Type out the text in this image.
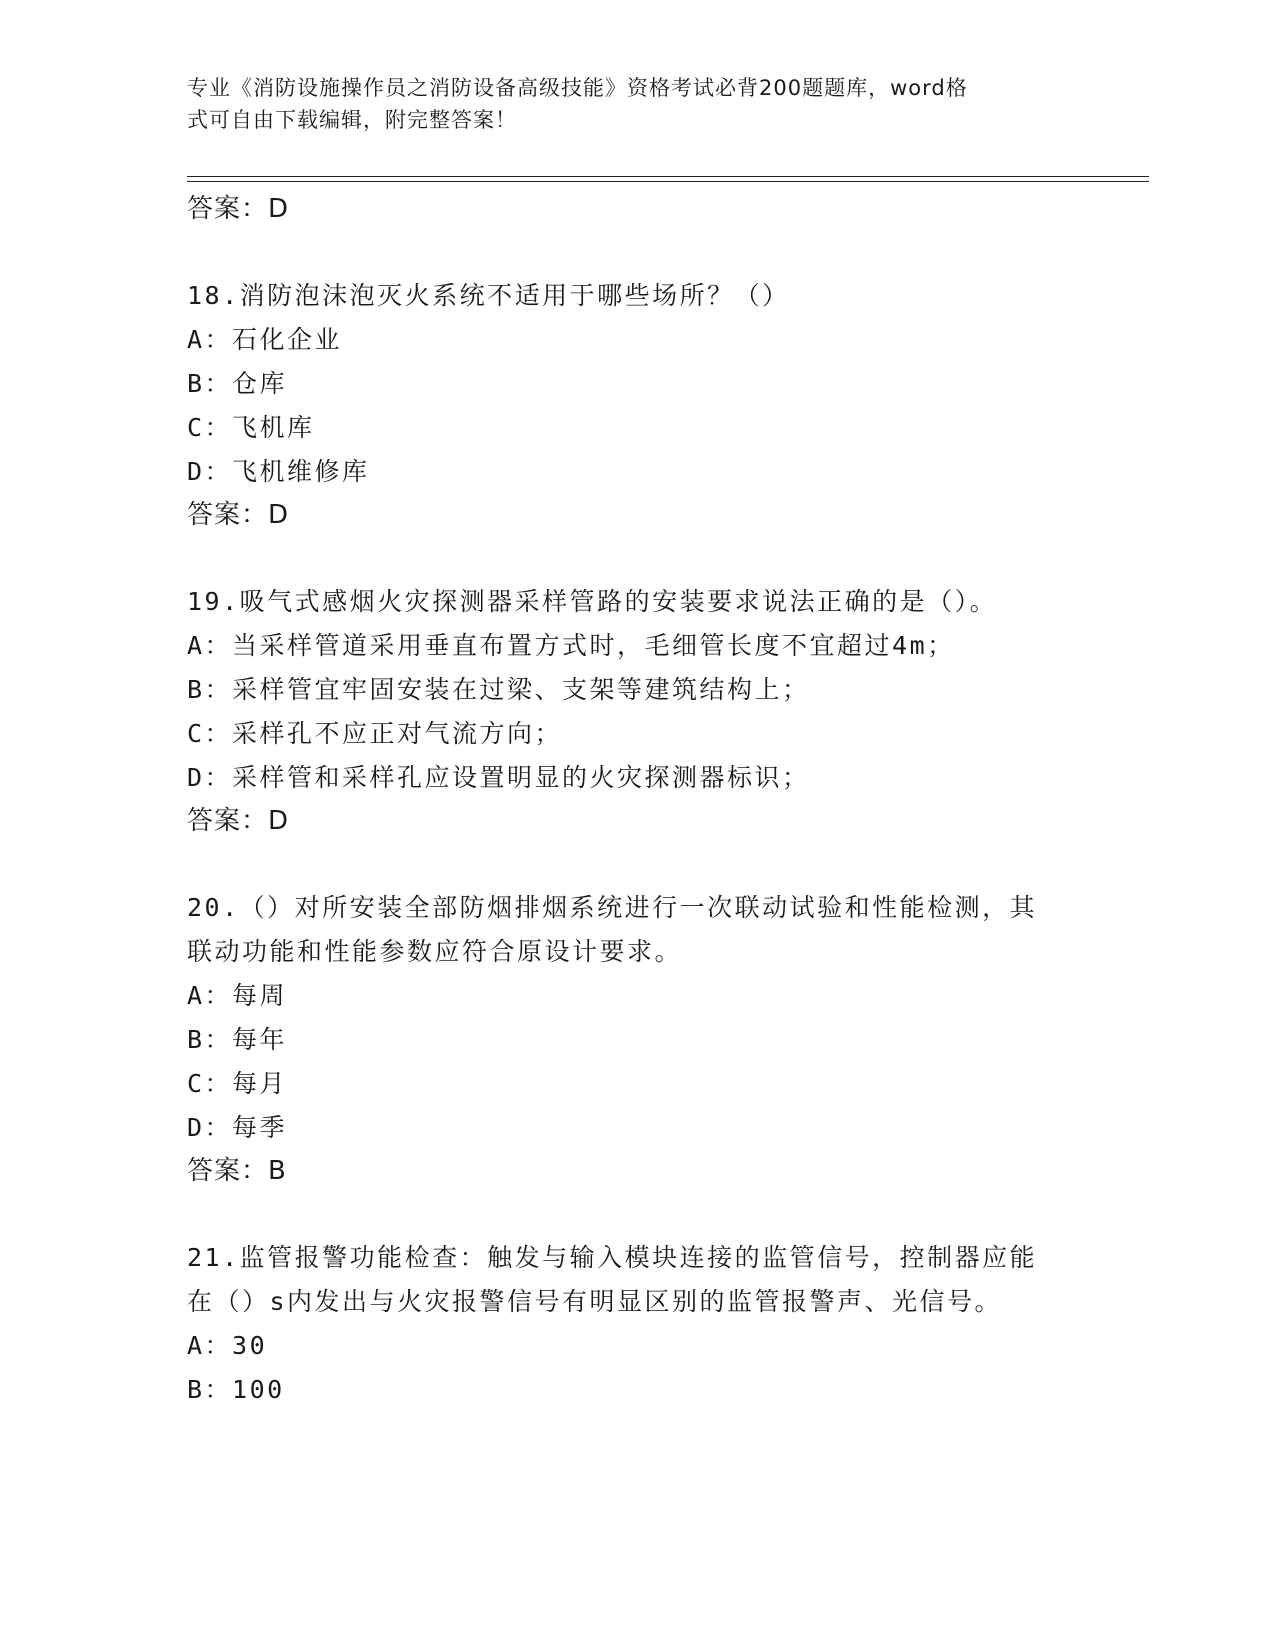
专业《消防设施操作员之消防设备高级技能》资格考试必背200题题库，word格
式可自由下载编辑，附完整答案！
答案：D
18.消防泡沫泡灭火系统不适用于哪些场所？（）
A：石化企业
B：仓库
C：飞机库
D：飞机维修库
答案：D
19.吸气式感烟火灾探测器采样管路的安装要求说法正确的是（）。
A：当采样管道采用垂直布置方式时，毛细管长度不宜超过4m；
B：采样管宜牢固安装在过梁、支架等建筑结构上；
C：采样孔不应正对气流方向；
D：采样管和采样孔应设置明显的火灾探测器标识；
答案：D
20.（）对所安装全部防烟排烟系统进行一次联动试验和性能检测，其
联动功能和性能参数应符合原设计要求。
A：每周
B：每年
C：每月
D：每季
答案：B
21.监管报警功能检查：触发与输入模块连接的监管信号，控制器应能
在（）s内发出与火灾报警信号有明显区别的监管报警声、光信号。
A：30
B：100
